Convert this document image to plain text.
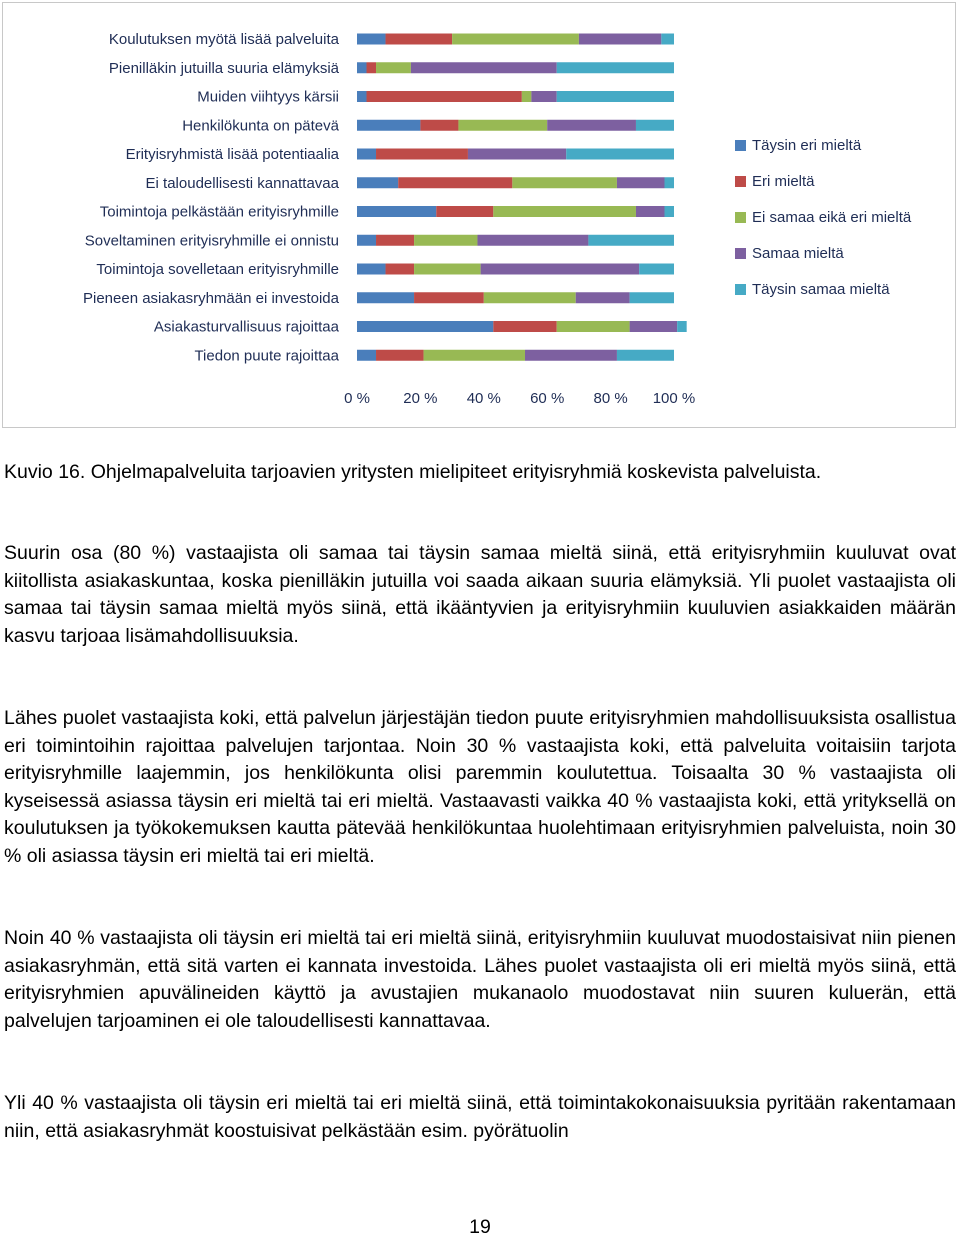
Koulutuksen myötä lisää palveluita
Pienilläkin jutuilla suuria elämyksiä
Muiden viihtyys kärsii
Henkilökunta on pätevä
Erityisryhmistä lisää potentiaalia
Ei taloudellisesti kannattavaa
Toimintoja pelkästään erityisryhmille
Soveltaminen erityisryhmille ei onnistu
Toimintoja sovelletaan erityisryhmille
Pieneen asiakasryhmään ei investoida
Asiakasturvallisuus rajoittaa
Tiedon puute rajoittaa
0 % 20 % 40 % 60 % 80 % 100 %
Täysin eri mieltä
Eri mieltä
Ei samaa eikä eri mieltä
Samaa mieltä
Täysin samaa mieltä

Kuvio 16. Ohjelmapalveluita tarjoavien yritysten mielipiteet erityisryhmiä koskevista palveluista.

Suurin osa (80 %) vastaajista oli samaa tai täysin samaa mieltä siinä, että erityisryhmiin kuuluvat ovat kiitollista asiakaskuntaa, koska pienilläkin jutuilla voi saada aikaan suuria elämyksiä. Yli puolet vastaajista oli samaa tai täysin samaa mieltä myös siinä, että ikääntyvien ja erityisryhmiin kuuluvien asiakkaiden määrän kasvu tarjoaa lisämahdollisuuksia.

Lähes puolet vastaajista koki, että palvelun järjestäjän tiedon puute erityisryhmien mahdollisuuksista osallistua eri toimintoihin rajoittaa palvelujen tarjontaa. Noin 30 % vastaajista koki, että palveluita voitaisiin tarjota erityisryhmille laajemmin, jos henkilökunta olisi paremmin koulutettua. Toisaalta 30 % vastaajista oli kyseisessä asiassa täysin eri mieltä tai eri mieltä. Vastaavasti vaikka 40 % vastaajista koki, että yrityksellä on koulutuksen ja työkokemuksen kautta pätevää henkilökuntaa huolehtimaan erityisryhmien palveluista, noin 30 % oli asiassa täysin eri mieltä tai eri mieltä.

Noin 40 % vastaajista oli täysin eri mieltä tai eri mieltä siinä, erityisryhmiin kuuluvat muodostaisivat niin pienen asiakasryhmän, että sitä varten ei kannata investoida. Lähes puolet vastaajista oli eri mieltä myös siinä, että erityisryhmien apuvälineiden käyttö ja avustajien mukanaolo muodostavat niin suuren kuluerän, että palvelujen tarjoaminen ei ole taloudellisesti kannattavaa.

Yli 40 % vastaajista oli täysin eri mieltä tai eri mieltä siinä, että toimintakokonaisuuksia pyritään rakentamaan niin, että asiakasryhmät koostuisivat pelkästään esim. pyörätuolin

19
